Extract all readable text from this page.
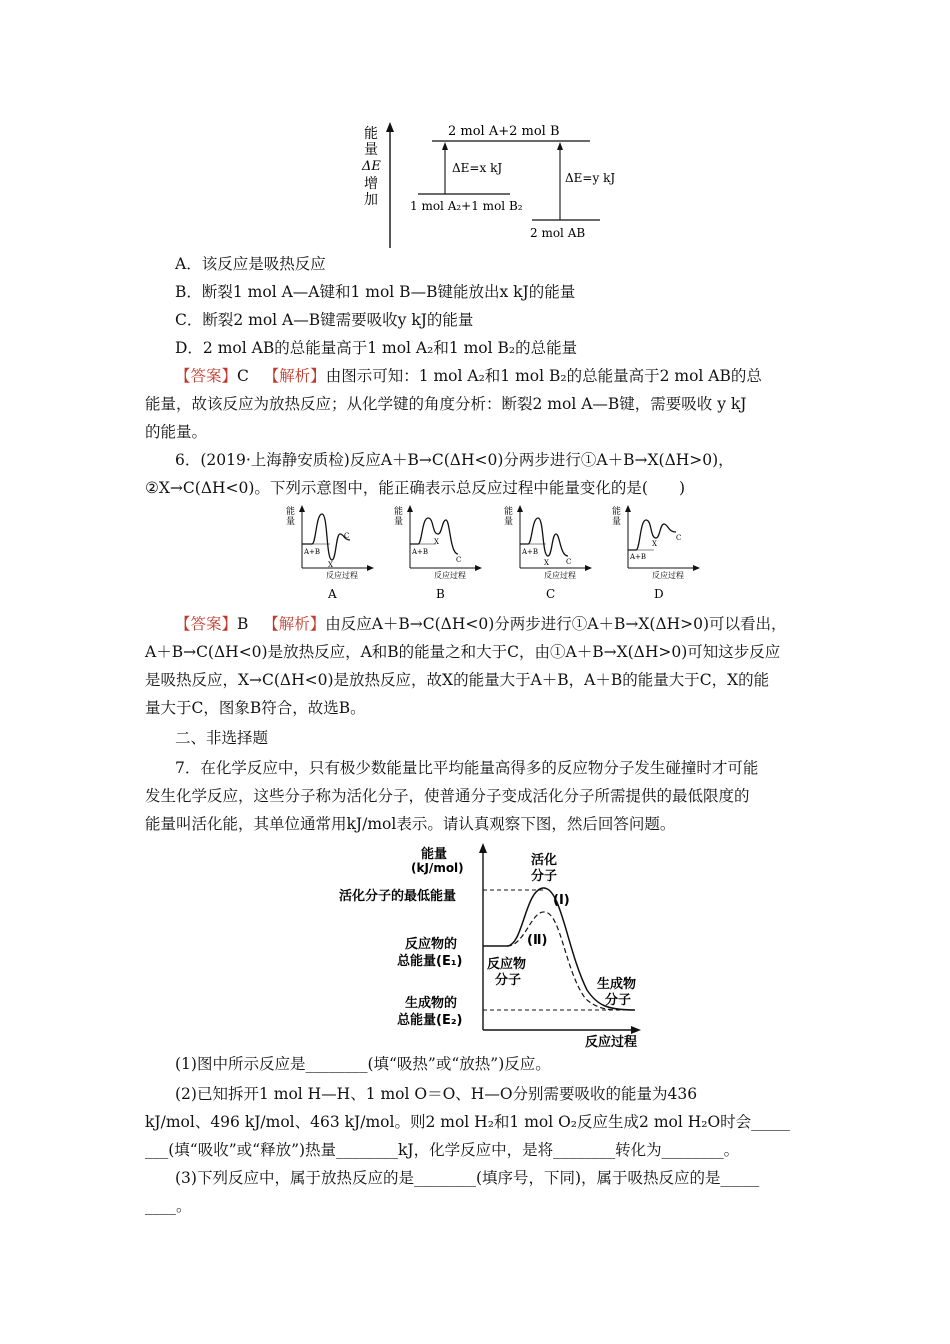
能
量
ΔE
增
加
2 mol A+2 mol B
1 mol A₂+1 mol B₂
ΔE=x kJ
2 mol AB
ΔE=y kJ
A．该反应是吸热反应
B．断裂1 mol A—A键和1 mol B—B键能放出x kJ的能量
C．断裂2 mol A—B键需要吸收y kJ的能量
D．2 mol AB的总能量高于1 mol A₂和1 mol B₂的总能量
【答案】C 【解析】由图示可知：1 mol A₂和1 mol B₂的总能量高于2 mol AB的总
能量，故该反应为放热反应；从化学键的角度分析：断裂2 mol A—B键，需要吸收 y kJ
的能量。
6．(2019·上海静安质检)反应A＋B→C(ΔH<0)分两步进行①A＋B→X(ΔH>0)，
②X→C(ΔH<0)。下列示意图中，能正确表示总反应过程中能量变化的是(　　)
能
量
A+B
X
C
反应过程
A
能
量
A+B
X
C
反应过程
B
能
量
A+B
X C
反应过程
C
能
量
A+B
X
C
反应过程
D
【答案】B 【解析】由反应A＋B→C(ΔH<0)分两步进行①A＋B→X(ΔH>0)可以看出，
A＋B→C(ΔH<0)是放热反应，A和B的能量之和大于C，由①A＋B→X(ΔH>0)可知这步反应
是吸热反应，X→C(ΔH<0)是放热反应，故X的能量大于A＋B，A＋B的能量大于C，X的能
量大于C，图象B符合，故选B。
二、非选择题
7．在化学反应中，只有极少数能量比平均能量高得多的反应物分子发生碰撞时才可能
发生化学反应，这些分子称为活化分子，使普通分子变成活化分子所需提供的最低限度的
能量叫活化能，其单位通常用kJ/mol表示。请认真观察下图，然后回答问题。
能量
(kJ/mol)
活化分子的最低能量
反应物的
总能量(E₁)
生成物的
总能量(E₂)
活化
分子
(Ⅰ)
(Ⅱ)
反应物
分子	生成物
分子
反应过程
(1)图中所示反应是________(填“吸热”或“放热”)反应。
(2)已知拆开1 mol H—H、1 mol O＝O、H—O分别需要吸收的能量为436
kJ/mol、496 kJ/mol、463 kJ/mol。则2 mol H₂和1 mol O₂反应生成2 mol H₂O时会_____
___(填“吸收”或“释放”)热量________kJ，化学反应中，是将________转化为________。
(3)下列反应中，属于放热反应的是________(填序号，下同)，属于吸热反应的是_____
____。
